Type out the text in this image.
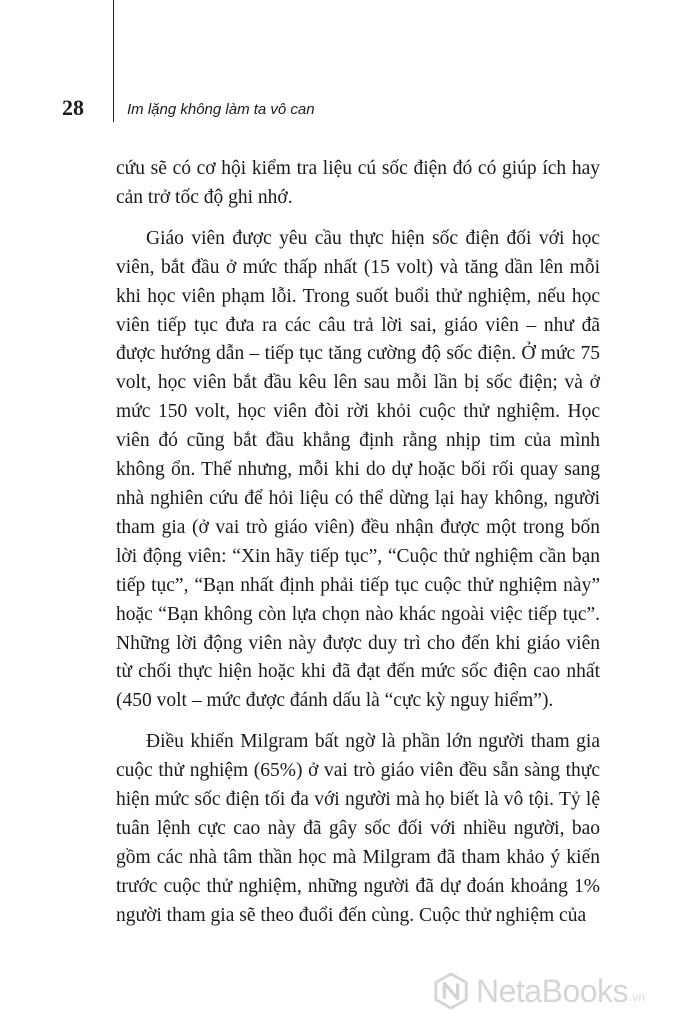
28	Im lặng không làm ta vô can

cứu sẽ có cơ hội kiểm tra liệu cú sốc điện đó có giúp ích hay cản trở tốc độ ghi nhớ.

Giáo viên được yêu cầu thực hiện sốc điện đối với học viên, bắt đầu ở mức thấp nhất (15 volt) và tăng dần lên mỗi khi học viên phạm lỗi. Trong suốt buổi thử nghiệm, nếu học viên tiếp tục đưa ra các câu trả lời sai, giáo viên – như đã được hướng dẫn – tiếp tục tăng cường độ sốc điện. Ở mức 75 volt, học viên bắt đầu kêu lên sau mỗi lần bị sốc điện; và ở mức 150 volt, học viên đòi rời khỏi cuộc thử nghiệm. Học viên đó cũng bắt đầu khẳng định rằng nhịp tim của mình không ổn. Thế nhưng, mỗi khi do dự hoặc bối rối quay sang nhà nghiên cứu để hỏi liệu có thể dừng lại hay không, người tham gia (ở vai trò giáo viên) đều nhận được một trong bốn lời động viên: “Xin hãy tiếp tục”, “Cuộc thử nghiệm cần bạn tiếp tục”, “Bạn nhất định phải tiếp tục cuộc thử nghiệm này” hoặc “Bạn không còn lựa chọn nào khác ngoài việc tiếp tục”. Những lời động viên này được duy trì cho đến khi giáo viên từ chối thực hiện hoặc khi đã đạt đến mức sốc điện cao nhất (450 volt – mức được đánh dấu là “cực kỳ nguy hiểm”).

Điều khiến Milgram bất ngờ là phần lớn người tham gia cuộc thử nghiệm (65%) ở vai trò giáo viên đều sẵn sàng thực hiện mức sốc điện tối đa với người mà họ biết là vô tội. Tỷ lệ tuân lệnh cực cao này đã gây sốc đối với nhiều người, bao gồm các nhà tâm thần học mà Milgram đã tham khảo ý kiến trước cuộc thử nghiệm, những người đã dự đoán khoảng 1% người tham gia sẽ theo đuổi đến cùng. Cuộc thử nghiệm của

NetaBooks .vn
